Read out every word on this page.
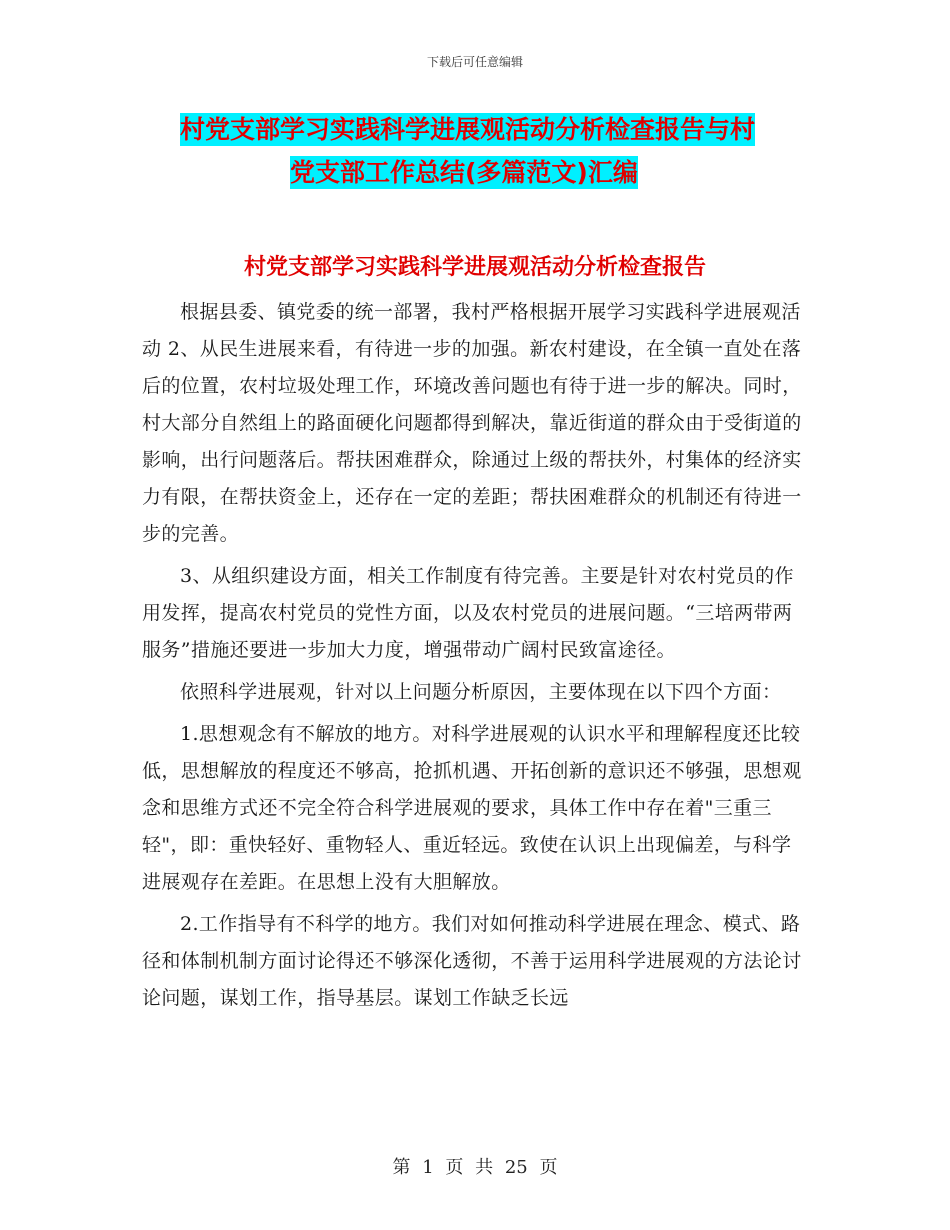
下载后可任意编辑
村党支部学习实践科学进展观活动分析检查报告与村
党支部工作总结(多篇范文)汇编
村党支部学习实践科学进展观活动分析检查报告

根据县委、镇党委的统一部署，我村严格根据开展学习实践科学进展观活动 2、从民生进展来看，有待进一步的加强。新农村建设，在全镇一直处在落后的位置，农村垃圾处理工作，环境改善问题也有待于进一步的解决。同时，村大部分自然组上的路面硬化问题都得到解决，靠近街道的群众由于受街道的影响，出行问题落后。帮扶困难群众，除通过上级的帮扶外，村集体的经济实力有限，在帮扶资金上，还存在一定的差距；帮扶困难群众的机制还有待进一步的完善。

3、从组织建设方面，相关工作制度有待完善。主要是针对农村党员的作用发挥，提高农村党员的党性方面，以及农村党员的进展问题。“三培两带两服务”措施还要进一步加大力度，增强带动广阔村民致富途径。

依照科学进展观，针对以上问题分析原因，主要体现在以下四个方面：

1.思想观念有不解放的地方。对科学进展观的认识水平和理解程度还比较低，思想解放的程度还不够高，抢抓机遇、开拓创新的意识还不够强，思想观念和思维方式还不完全符合科学进展观的要求，具体工作中存在着"三重三轻"，即：重快轻好、重物轻人、重近轻远。致使在认识上出现偏差，与科学进展观存在差距。在思想上没有大胆解放。

2.工作指导有不科学的地方。我们对如何推动科学进展在理念、模式、路径和体制机制方面讨论得还不够深化透彻，不善于运用科学进展观的方法论讨论问题，谋划工作，指导基层。谋划工作缺乏长远

第 1 页 共 25 页
